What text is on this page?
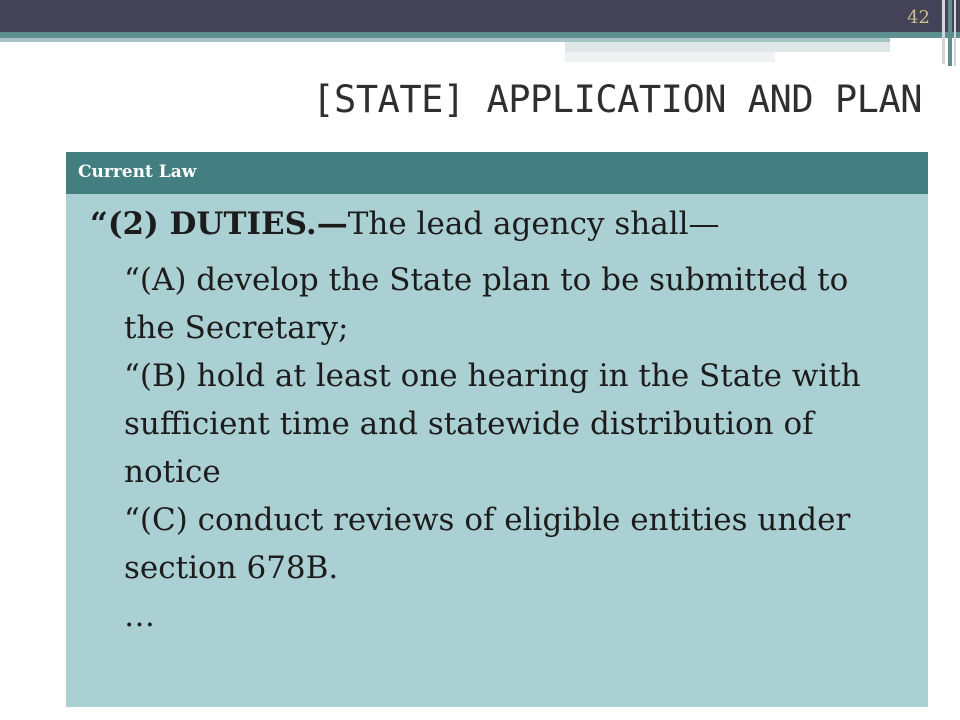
42
[STATE] APPLICATION AND PLAN
Current Law
“(2) DUTIES.—The lead agency shall—

“(A) develop the State plan to be submitted to the Secretary;

“(B) hold at least one hearing in the State with sufficient time and statewide distribution of notice

“(C) conduct reviews of eligible entities under section 678B.

…
